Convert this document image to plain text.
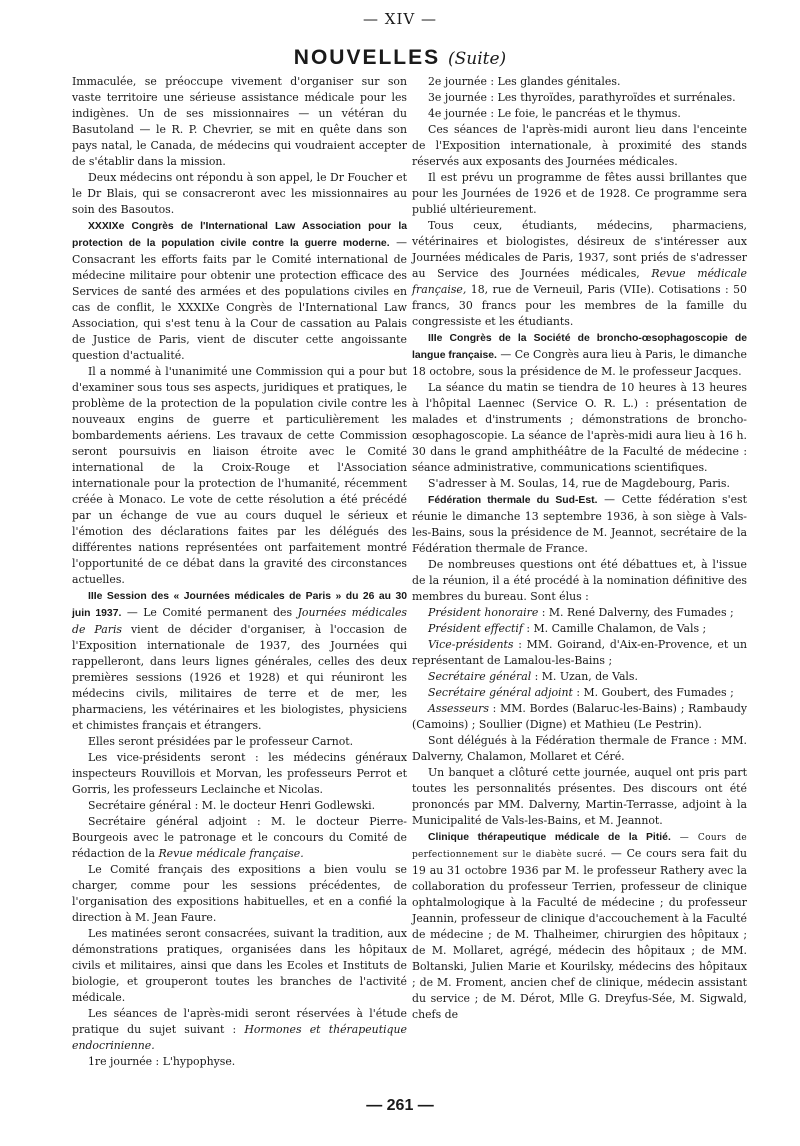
— XIV —
NOUVELLES (Suite)

Immaculée, se préoccupe vivement d'organiser sur son vaste territoire une sérieuse assistance médicale pour les indigènes. Un de ses missionnaires — un vétéran du Basutoland — le R. P. Chevrier, se mit en quête dans son pays natal, le Canada, de médecins qui voudraient accepter de s'établir dans la mission.

Deux médecins ont répondu à son appel, le Dr Foucher et le Dr Blais, qui se consacreront avec les missionnaires au soin des Basoutos.

XXXIXe Congrès de l'International Law Association pour la protection de la population civile contre la guerre moderne. — Consacrant les efforts faits par le Comité international de médecine militaire pour obtenir une protection efficace des Services de santé des armées et des populations civiles en cas de conflit, le XXXIXe Congrès de l'International Law Association, qui s'est tenu à la Cour de cassation au Palais de Justice de Paris, vient de discuter cette angoissante question d'actualité.

Il a nommé à l'unanimité une Commission qui a pour but d'examiner sous tous ses aspects, juridiques et pratiques, le problème de la protection de la population civile contre les nouveaux engins de guerre et particulièrement les bombardements aériens. Les travaux de cette Commission seront poursuivis en liaison étroite avec le Comité international de la Croix-Rouge et l'Association internationale pour la protection de l'humanité, récemment créée à Monaco. Le vote de cette résolution a été précédé par un échange de vue au cours duquel le sérieux et l'émotion des déclarations faites par les délégués des différentes nations représentées ont parfaitement montré l'opportunité de ce débat dans la gravité des circonstances actuelles.

IIIe Session des « Journées médicales de Paris » du 26 au 30 juin 1937. — Le Comité permanent des Journées médicales de Paris vient de décider d'organiser, à l'occasion de l'Exposition internationale de 1937, des Journées qui rappelleront, dans leurs lignes générales, celles des deux premières sessions (1926 et 1928) et qui réuniront les médecins civils, militaires de terre et de mer, les pharmaciens, les vétérinaires et les biologistes, physiciens et chimistes français et étrangers.

Elles seront présidées par le professeur Carnot.

Les vice-présidents seront : les médecins généraux inspecteurs Rouvillois et Morvan, les professeurs Perrot et Gorris, les professeurs Leclainche et Nicolas.

Secrétaire général : M. le docteur Henri Godlewski.

Secrétaire général adjoint : M. le docteur Pierre-Bourgeois avec le patronage et le concours du Comité de rédaction de la Revue médicale française.

Le Comité français des expositions a bien voulu se charger, comme pour les sessions précédentes, de l'organisation des expositions habituelles, et en a confié la direction à M. Jean Faure.

Les matinées seront consacrées, suivant la tradition, aux démonstrations pratiques, organisées dans les hôpitaux civils et militaires, ainsi que dans les Ecoles et Instituts de biologie, et grouperont toutes les branches de l'activité médicale.

Les séances de l'après-midi seront réservées à l'étude pratique du sujet suivant : Hormones et thérapeutique endocrinienne.

1re journée : L'hypophyse.

2e journée : Les glandes génitales.

3e journée : Les thyroïdes, parathyroïdes et surrénales.

4e journée : Le foie, le pancréas et le thymus.

Ces séances de l'après-midi auront lieu dans l'enceinte de l'Exposition internationale, à proximité des stands réservés aux exposants des Journées médicales.

Il est prévu un programme de fêtes aussi brillantes que pour les Journées de 1926 et de 1928. Ce programme sera publié ultérieurement.

Tous ceux, étudiants, médecins, pharmaciens, vétérinaires et biologistes, désireux de s'intéresser aux Journées médicales de Paris, 1937, sont priés de s'adresser au Service des Journées médicales, Revue médicale française, 18, rue de Verneuil, Paris (VIIe). Cotisations : 50 francs, 30 francs pour les membres de la famille du congressiste et les étudiants.

IIIe Congrès de la Société de broncho-œsophagoscopie de langue française. — Ce Congrès aura lieu à Paris, le dimanche 18 octobre, sous la présidence de M. le professeur Jacques.

La séance du matin se tiendra de 10 heures à 13 heures à l'hôpital Laennec (Service O. R. L.) : présentation de malades et d'instruments ; démonstrations de broncho-œsophagoscopie. La séance de l'après-midi aura lieu à 16 h. 30 dans le grand amphithéâtre de la Faculté de médecine : séance administrative, communications scientifiques.

S'adresser à M. Soulas, 14, rue de Magdebourg, Paris.

Fédération thermale du Sud-Est. — Cette fédération s'est réunie le dimanche 13 septembre 1936, à son siège à Vals-les-Bains, sous la présidence de M. Jeannot, secrétaire de la Fédération thermale de France.

De nombreuses questions ont été débattues et, à l'issue de la réunion, il a été procédé à la nomination définitive des membres du bureau. Sont élus :

Président honoraire : M. René Dalverny, des Fumades ;

Président effectif : M. Camille Chalamon, de Vals ;

Vice-présidents : MM. Goirand, d'Aix-en-Provence, et un représentant de Lamalou-les-Bains ;

Secrétaire général : M. Uzan, de Vals.

Secrétaire général adjoint : M. Goubert, des Fumades ;

Assesseurs : MM. Bordes (Balaruc-les-Bains) ; Rambaudy (Camoins) ; Soullier (Digne) et Mathieu (Le Pestrin).

Sont délégués à la Fédération thermale de France : MM. Dalverny, Chalamon, Mollaret et Céré.

Un banquet a clôturé cette journée, auquel ont pris part toutes les personnalités présentes. Des discours ont été prononcés par MM. Dalverny, Martin-Terrasse, adjoint à la Municipalité de Vals-les-Bains, et M. Jeannot.

Clinique thérapeutique médicale de la Pitié. — Cours de perfectionnement sur le diabète sucré. — Ce cours sera fait du 19 au 31 octobre 1936 par M. le professeur Rathery avec la collaboration du professeur Terrien, professeur de clinique ophtalmologique à la Faculté de médecine ; du professeur Jeannin, professeur de clinique d'accouchement à la Faculté de médecine ; de M. Thalheimer, chirurgien des hôpitaux ; de M. Mollaret, agrégé, médecin des hôpitaux ; de MM. Boltanski, Julien Marie et Kourilsky, médecins des hôpitaux ; de M. Froment, ancien chef de clinique, médecin assistant du service ; de M. Dérot, Mlle G. Dreyfus-Sée, M. Sigwald, chefs de

— 261 —
